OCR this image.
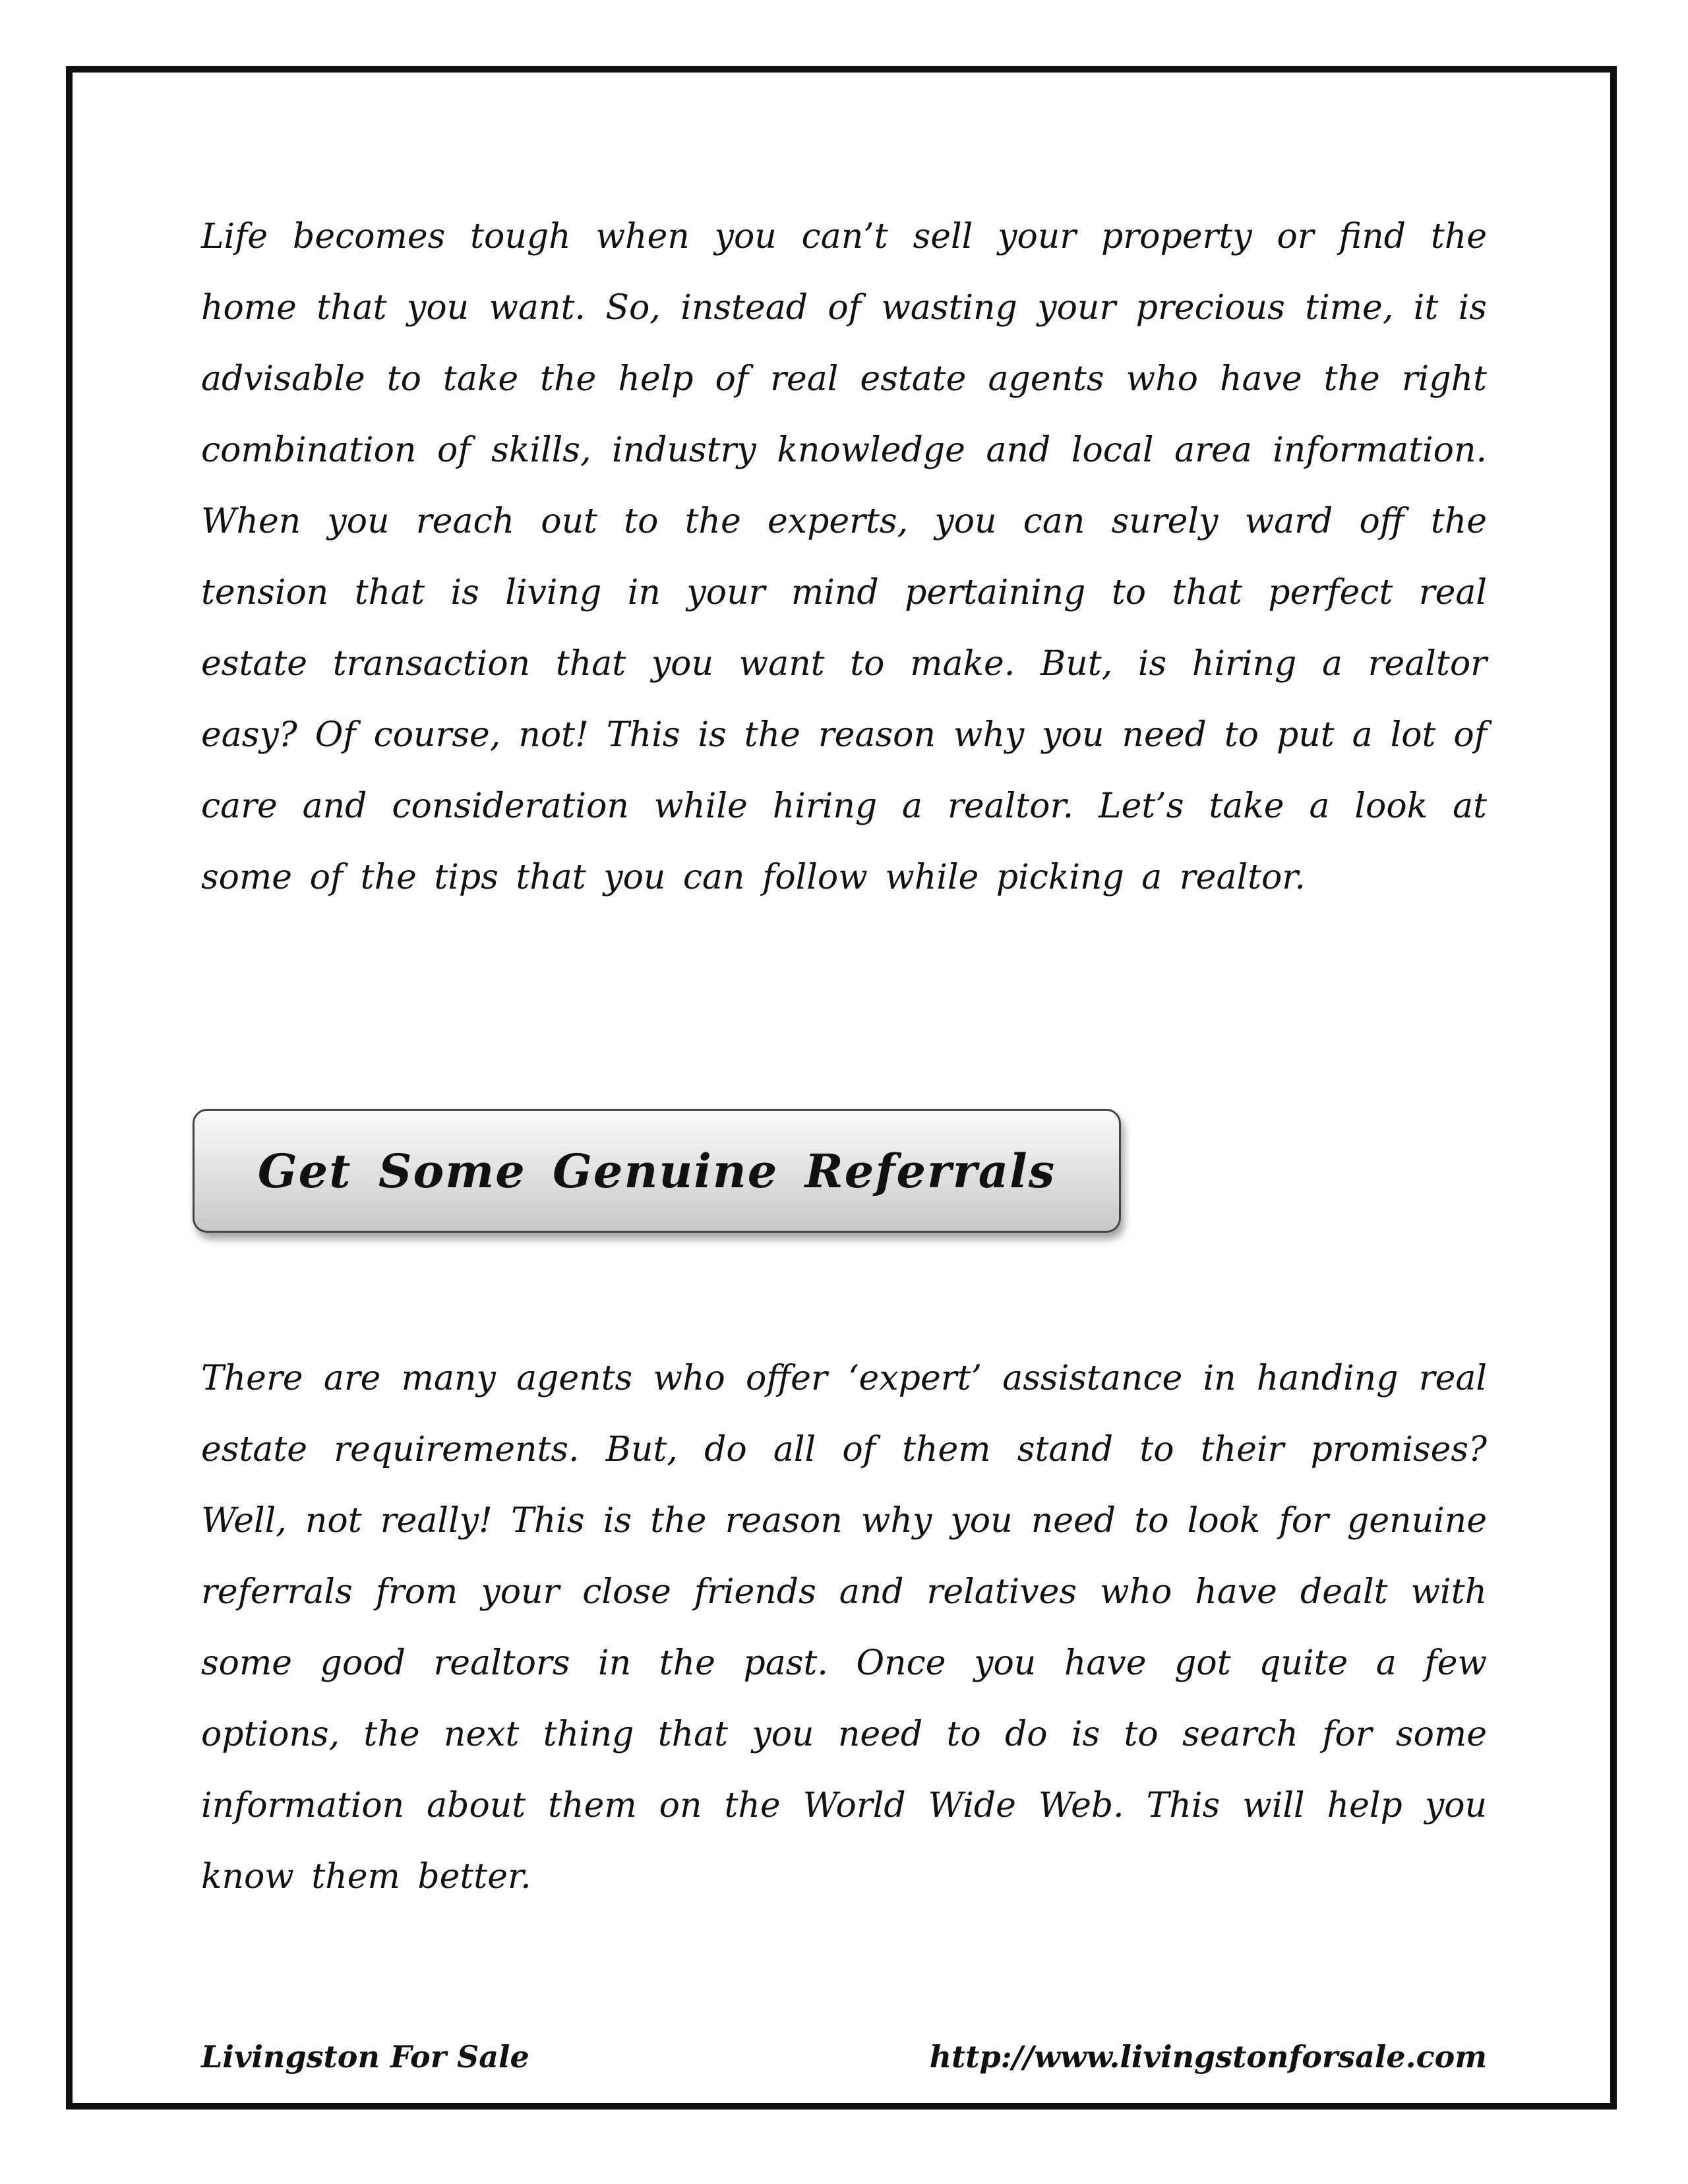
Life becomes tough when you can’t sell your property or find the home that you want. So, instead of wasting your precious time, it is advisable to take the help of real estate agents who have the right combination of skills, industry knowledge and local area information. When you reach out to the experts, you can surely ward off the tension that is living in your mind pertaining to that perfect real estate transaction that you want to make. But, is hiring a realtor easy? Of course, not! This is the reason why you need to put a lot of care and consideration while hiring a realtor. Let’s take a look at some of the tips that you can follow while picking a realtor.

Get Some Genuine Referrals

There are many agents who offer ‘expert’ assistance in handing real estate requirements. But, do all of them stand to their promises? Well, not really! This is the reason why you need to look for genuine referrals from your close friends and relatives who have dealt with some good realtors in the past. Once you have got quite a few options, the next thing that you need to do is to search for some information about them on the World Wide Web. This will help you know them better.

Livingston For Sale	http://www.livingstonforsale.com
